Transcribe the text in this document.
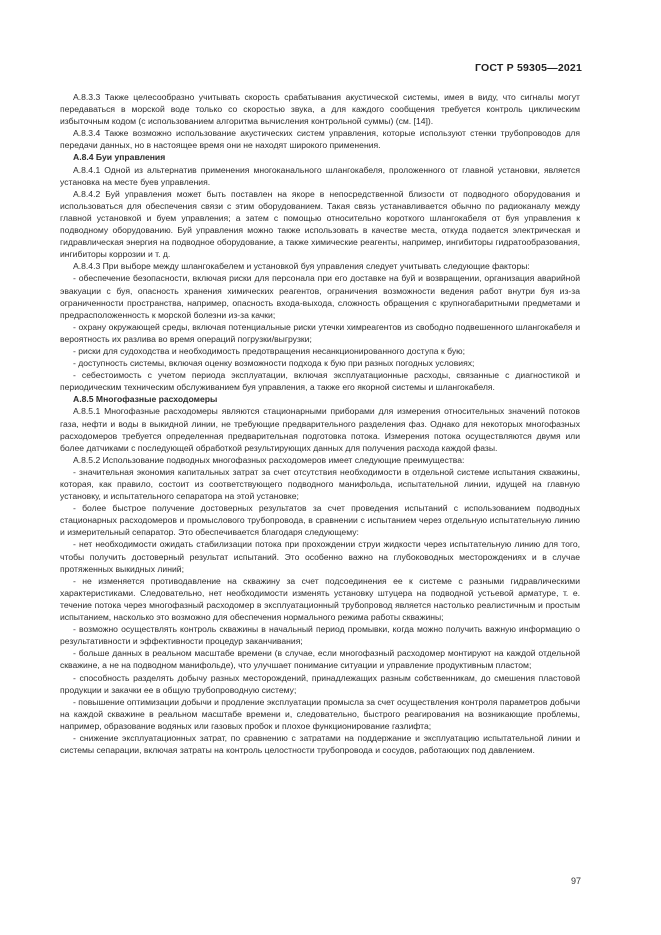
ГОСТ Р 59305—2021

А.8.3.3 Также целесообразно учитывать скорость срабатывания акустической системы, имея в виду, что сигналы могут передаваться в морской воде только со скоростью звука, а для каждого сообщения требуется контроль циклическим избыточным кодом (с использованием алгоритма вычисления контрольной суммы) (см. [14]).

А.8.3.4 Также возможно использование акустических систем управления, которые используют стенки трубопроводов для передачи данных, но в настоящее время они не находят широкого применения.

А.8.4 Буи управления

А.8.4.1 Одной из альтернатив применения многоканального шлангокабеля, проложенного от главной установки, является установка на месте буев управления.

А.8.4.2 Буй управления может быть поставлен на якоре в непосредственной близости от подводного оборудования и использоваться для обеспечения связи с этим оборудованием. Такая связь устанавливается обычно по радиоканалу между главной установкой и буем управления; а затем с помощью относительно короткого шлангокабеля от буя управления к подводному оборудованию. Буй управления можно также использовать в качестве места, откуда подается электрическая и гидравлическая энергия на подводное оборудование, а также химические реагенты, например, ингибиторы гидратообразования, ингибиторы коррозии и т. д.

А.8.4.3 При выборе между шлангокабелем и установкой буя управления следует учитывать следующие факторы:

- обеспечение безопасности, включая риски для персонала при его доставке на буй и возвращении, организация аварийной эвакуации с буя, опасность хранения химических реагентов, ограничения возможности ведения работ внутри буя из-за ограниченности пространства, например, опасность входа-выхода, сложность обращения с крупногабаритными предметами и предрасположенность к морской болезни из-за качки;

- охрану окружающей среды, включая потенциальные риски утечки химреагентов из свободно подвешенного шлангокабеля и вероятность их разлива во время операций погрузки/выгрузки;

- риски для судоходства и необходимость предотвращения несанкционированного доступа к бую;

- доступность системы, включая оценку возможности подхода к бую при разных погодных условиях;

- себестоимость с учетом периода эксплуатации, включая эксплуатационные расходы, связанные с диагностикой и периодическим техническим обслуживанием буя управления, а также его якорной системы и шлангокабеля.

А.8.5 Многофазные расходомеры

А.8.5.1 Многофазные расходомеры являются стационарными приборами для измерения относительных значений потоков газа, нефти и воды в выкидной линии, не требующие предварительного разделения фаз. Однако для некоторых многофазных расходомеров требуется определенная предварительная подготовка потока. Измерения потока осуществляются двумя или более датчиками с последующей обработкой результирующих данных для получения расхода каждой фазы.

А.8.5.2 Использование подводных многофазных расходомеров имеет следующие преимущества:

- значительная экономия капитальных затрат за счет отсутствия необходимости в отдельной системе испытания скважины, которая, как правило, состоит из соответствующего подводного манифольда, испытательной линии, идущей на главную установку, и испытательного сепаратора на этой установке;

- более быстрое получение достоверных результатов за счет проведения испытаний с использованием подводных стационарных расходомеров и промыслового трубопровода, в сравнении с испытанием через отдельную испытательную линию и измерительный сепаратор. Это обеспечивается благодаря следующему:

- нет необходимости ожидать стабилизации потока при прохождении струи жидкости через испытательную линию для того, чтобы получить достоверный результат испытаний. Это особенно важно на глубоководных месторождениях и в случае протяженных выкидных линий;

- не изменяется противодавление на скважину за счет подсоединения ее к системе с разными гидравлическими характеристиками. Следовательно, нет необходимости изменять установку штуцера на подводной устьевой арматуре, т. е. течение потока через многофазный расходомер в эксплуатационный трубопровод является настолько реалистичным и простым испытанием, насколько это возможно для обеспечения нормального режима работы скважины;

- возможно осуществлять контроль скважины в начальный период промывки, когда можно получить важную информацию о результативности и эффективности процедур заканчивания;

- больше данных в реальном масштабе времени (в случае, если многофазный расходомер монтируют на каждой отдельной скважине, а не на подводном манифольде), что улучшает понимание ситуации и управление продуктивным пластом;

- способность разделять добычу разных месторождений, принадлежащих разным собственникам, до смешения пластовой продукции и закачки ее в общую трубопроводную систему;

- повышение оптимизации добычи и продление эксплуатации промысла за счет осуществления контроля параметров добычи на каждой скважине в реальном масштабе времени и, следовательно, быстрого реагирования на возникающие проблемы, например, образование водяных или газовых пробок и плохое функционирование газлифта;

- снижение эксплуатационных затрат, по сравнению с затратами на поддержание и эксплуатацию испытательной линии и системы сепарации, включая затраты на контроль целостности трубопровода и сосудов, работающих под давлением.

97
